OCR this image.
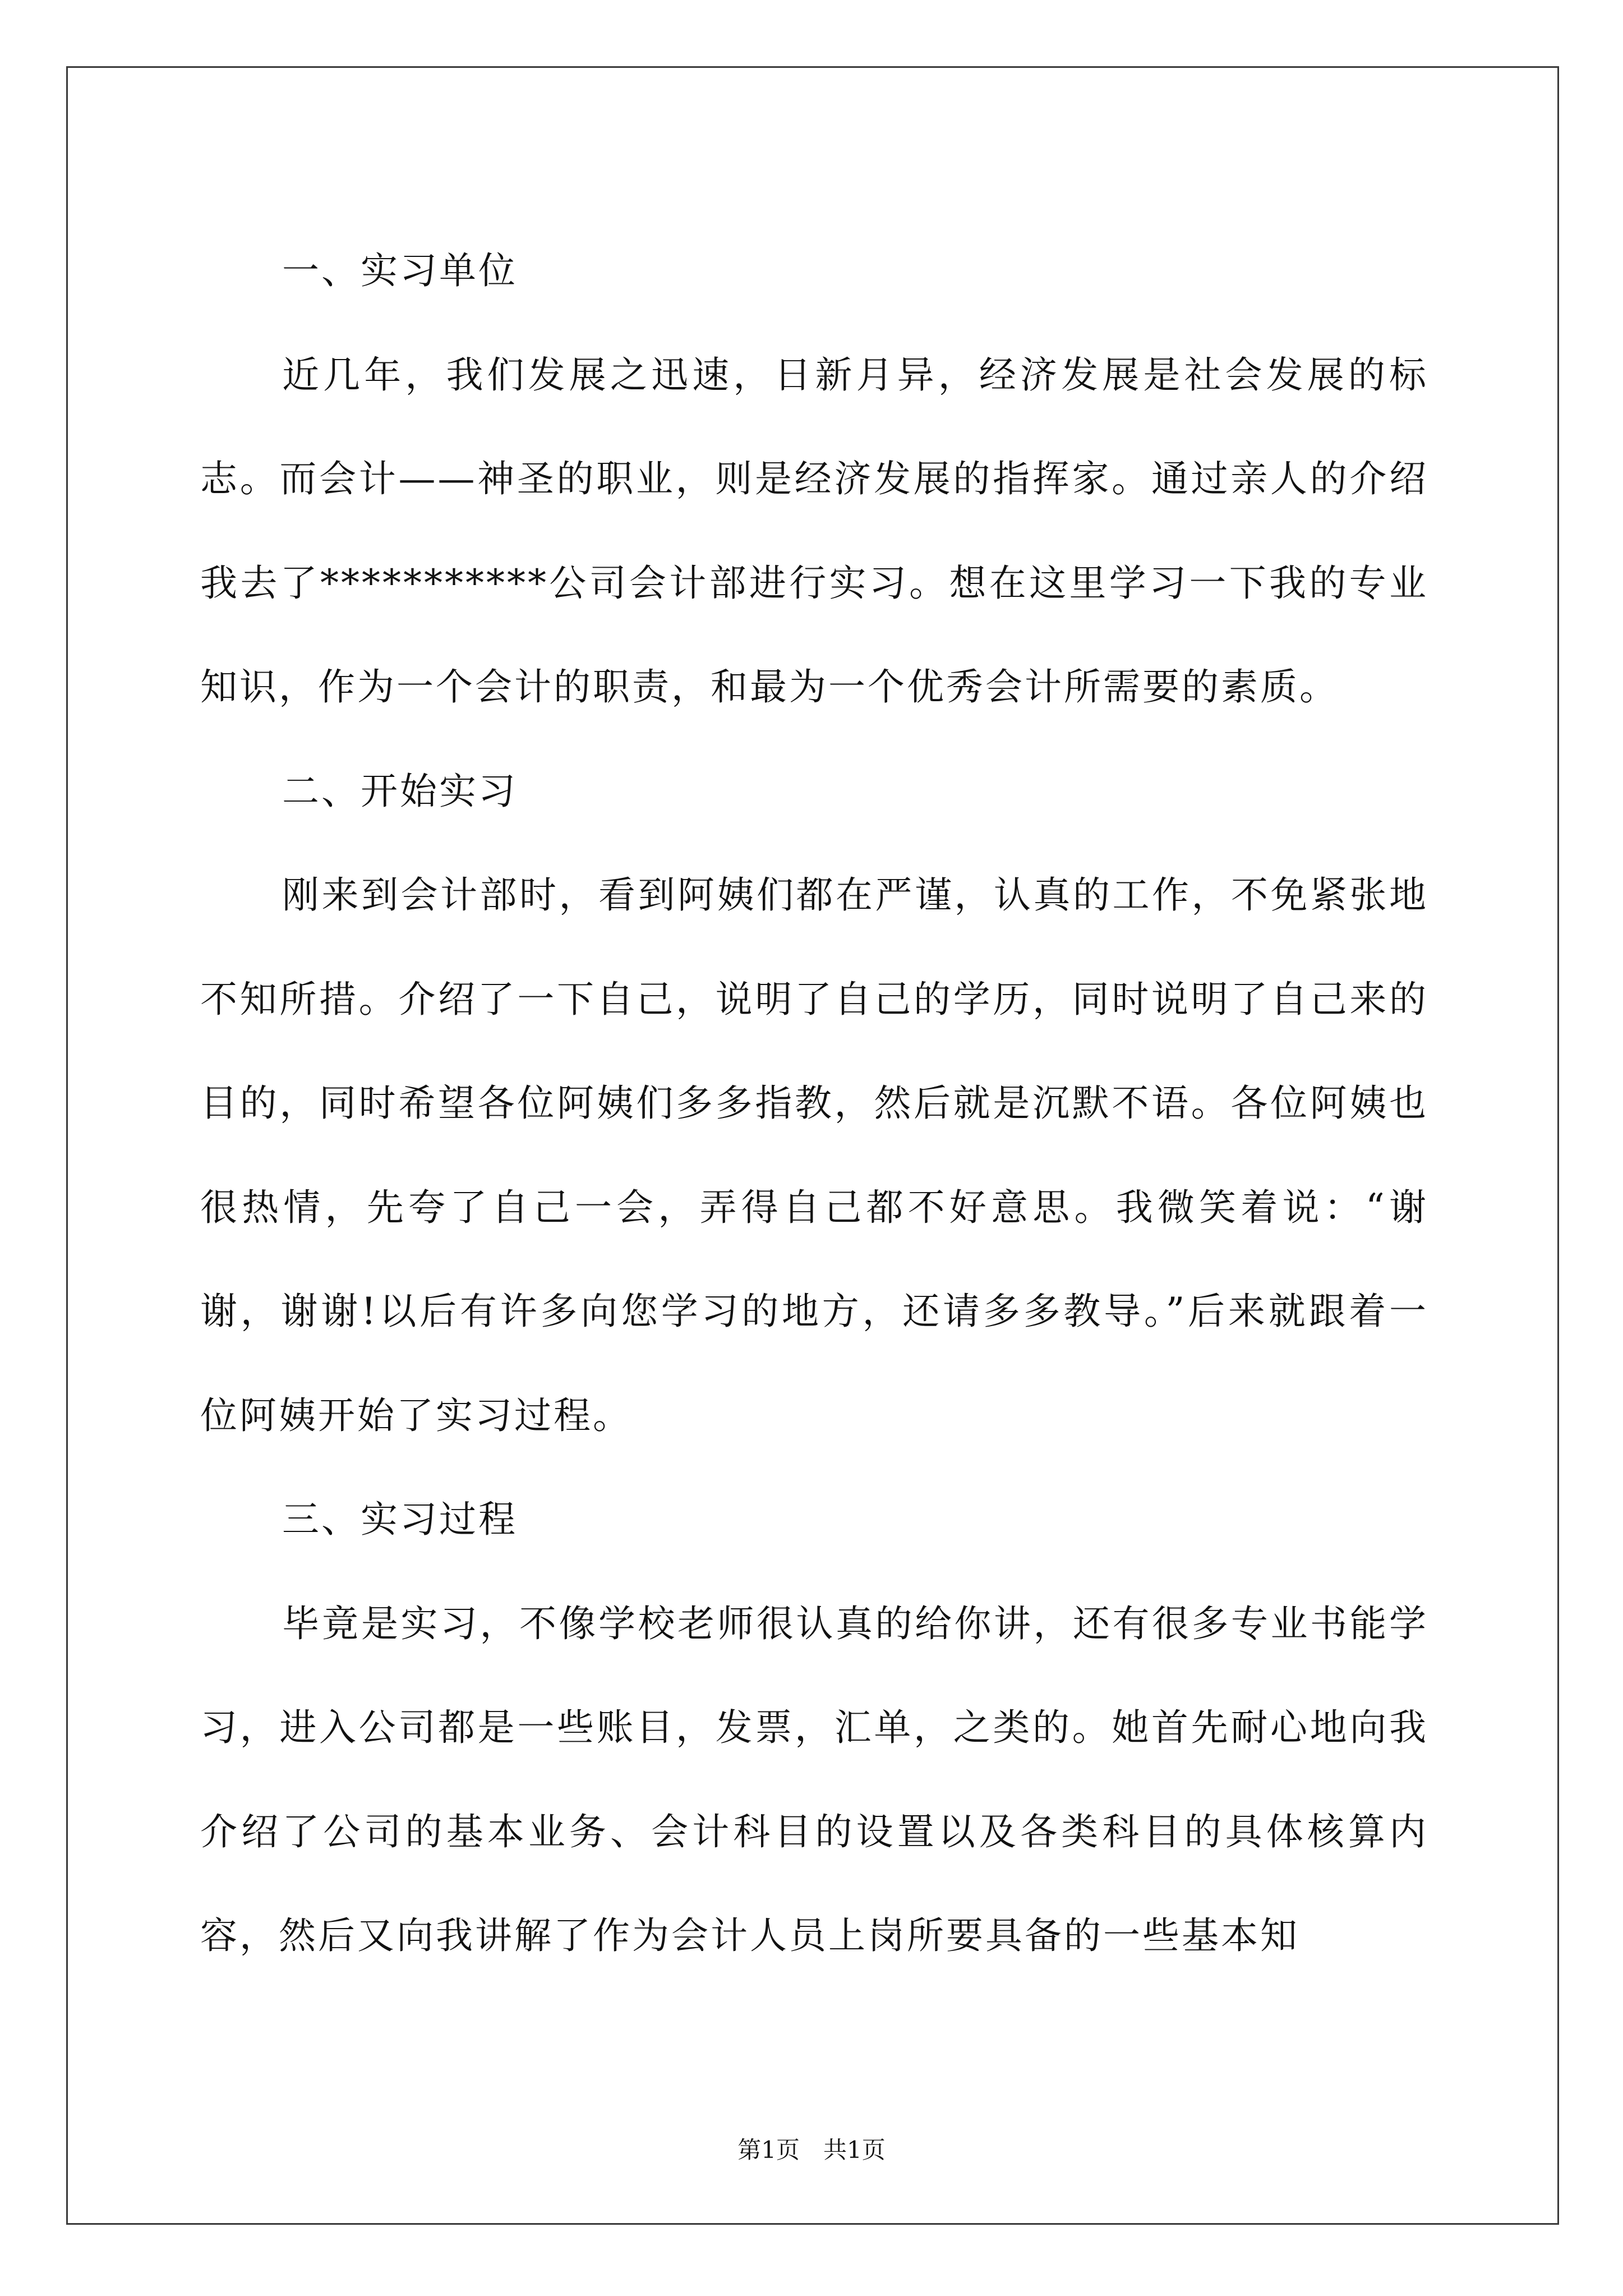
一、实习单位

近几年，我们发展之迅速，日新月异，经济发展是社会发展的标志。而会计——神圣的职业，则是经济发展的指挥家。通过亲人的介绍我去了***********公司会计部进行实习。想在这里学习一下我的专业知识，作为一个会计的职责，和最为一个优秀会计所需要的素质。

二、开始实习

刚来到会计部时，看到阿姨们都在严谨，认真的工作，不免紧张地不知所措。介绍了一下自己，说明了自己的学历，同时说明了自己来的目的，同时希望各位阿姨们多多指教，然后就是沉默不语。各位阿姨也很热情，先夸了自己一会，弄得自己都不好意思。我微笑着说：“谢谢，谢谢!以后有许多向您学习的地方，还请多多教导。”后来就跟着一位阿姨开始了实习过程。

三、实习过程

毕竟是实习，不像学校老师很认真的给你讲，还有很多专业书能学习，进入公司都是一些账目，发票，汇单，之类的。她首先耐心地向我介绍了公司的基本业务、会计科目的设置以及各类科目的具体核算内容，然后又向我讲解了作为会计人员上岗所要具备的一些基本知

第1页 共1页
